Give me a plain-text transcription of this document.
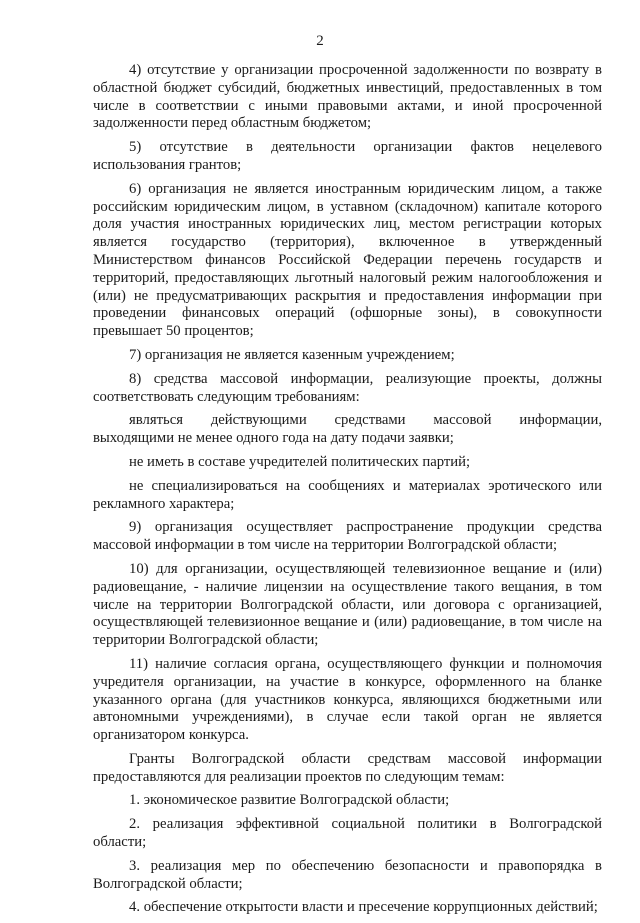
2

4) отсутствие у организации просроченной задолженности по возврату в областной бюджет субсидий, бюджетных инвестиций, предоставленных в том числе в соответствии с иными правовыми актами, и иной просроченной задолженности перед областным бюджетом;

5) отсутствие в деятельности организации фактов нецелевого использования грантов;

6) организация не является иностранным юридическим лицом, а также российским юридическим лицом, в уставном (складочном) капитале которого доля участия иностранных юридических лиц, местом регистрации которых является государство (территория), включенное в утвержденный Министерством финансов Российской Федерации перечень государств и территорий, предоставляющих льготный налоговый режим налогообложения и (или) не предусматривающих раскрытия и предоставления информации при проведении финансовых операций (офшорные зоны), в совокупности превышает 50 процентов;

7) организация не является казенным учреждением;

8) средства массовой информации, реализующие проекты, должны соответствовать следующим требованиям:

являться действующими средствами массовой информации,
выходящими не менее одного года на дату подачи заявки;

не иметь в составе учредителей политических партий;

не специализироваться на сообщениях и материалах эротического или рекламного характера;

9) организация осуществляет распространение продукции средства массовой информации в том числе на территории Волгоградской области;

10) для организации, осуществляющей телевизионное вещание и (или) радиовещание, - наличие лицензии на осуществление такого вещания, в том числе на территории Волгоградской области, или договора с организацией, осуществляющей телевизионное вещание и (или) радиовещание, в том числе на территории Волгоградской области;

11) наличие согласия органа, осуществляющего функции и полномочия учредителя организации, на участие в конкурсе, оформленного на бланке указанного органа (для участников конкурса, являющихся бюджетными или автономными учреждениями), в случае если такой орган не является организатором конкурса.

Гранты Волгоградской области средствам массовой информации предоставляются для реализации проектов по следующим темам:

1. экономическое развитие Волгоградской области;

2. реализация эффективной социальной политики в Волгоградской области;

3. реализация мер по обеспечению безопасности и правопорядка в Волгоградской области;

4. обеспечение открытости власти и пресечение коррупционных действий;
